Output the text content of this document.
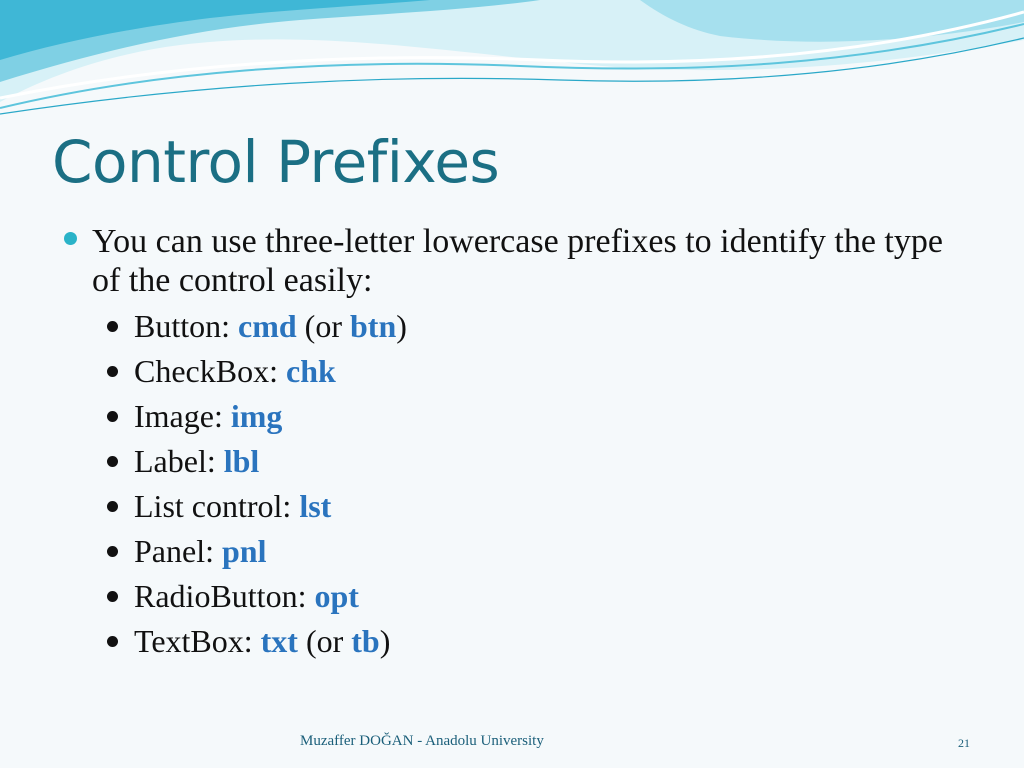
Control Prefixes
You can use three-letter lowercase prefixes to identify the type of the control easily:
Button: cmd (or btn)
CheckBox: chk
Image: img
Label: lbl
List control: lst
Panel: pnl
RadioButton: opt
TextBox: txt (or tb)
Muzaffer DOĞAN - Anadolu University	21
